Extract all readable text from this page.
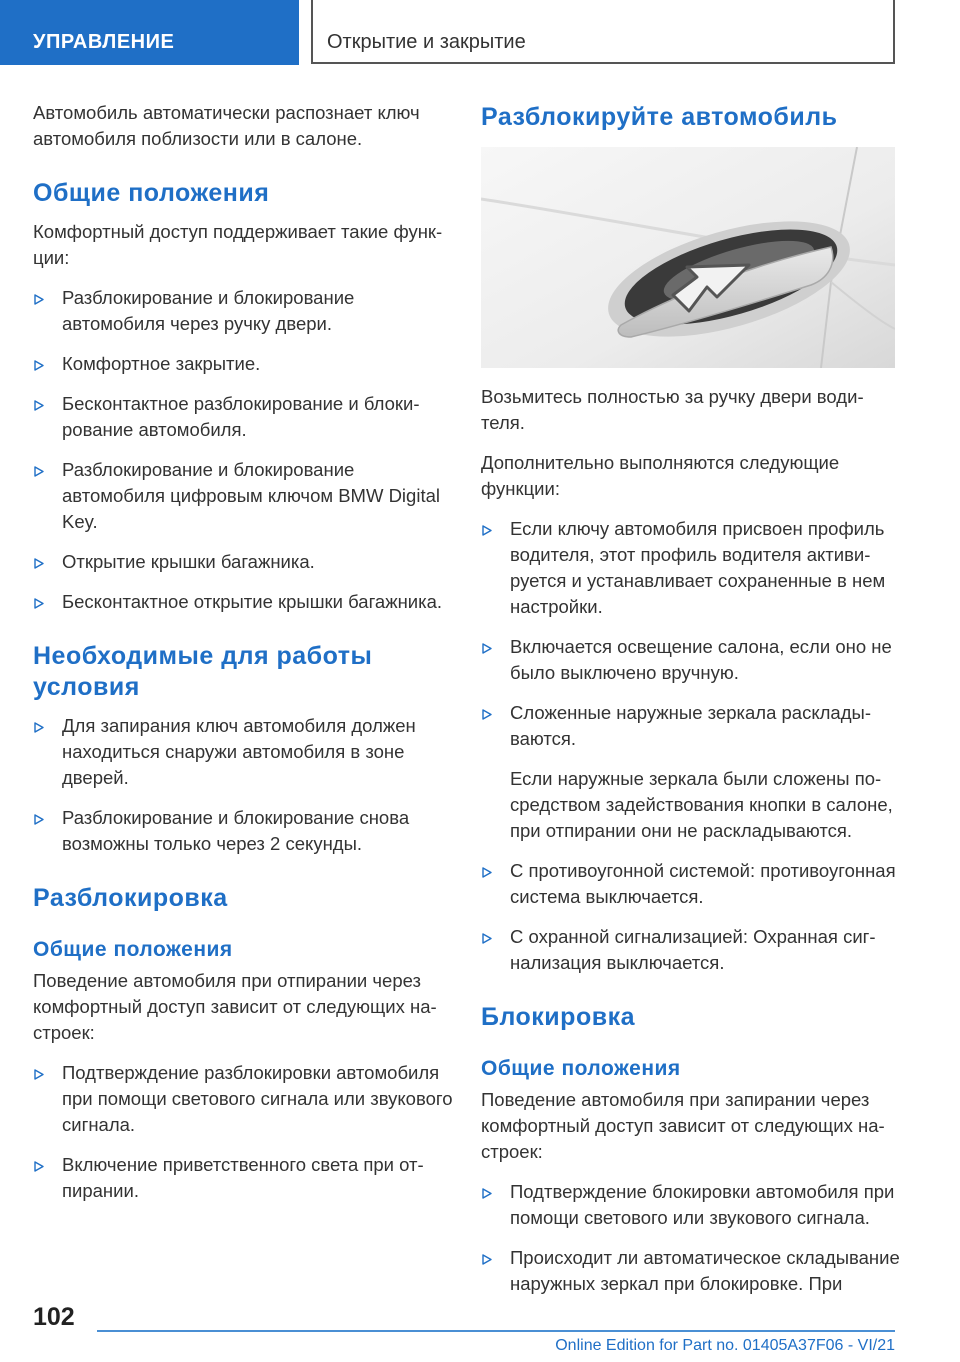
УПРАВЛЕНИЕ	Открытие и закрытие

Автомобиль автоматически распознает ключ автомобиля поблизости или в салоне.

Общие положения

Комфортный доступ поддерживает такие функции:

Разблокирование и блокирование автомобиля через ручку двери.
Комфортное закрытие.
Бесконтактное разблокирование и блокирование автомобиля.
Разблокирование и блокирование автомобиля цифровым ключом BMW Digital Key.
Открытие крышки багажника.
Бесконтактное открытие крышки багажника.
Необходимые для работы условия
Для запирания ключ автомобиля должен находиться снаружи автомобиля в зоне дверей.
Разблокирование и блокирование снова возможны только через 2 секунды.
Разблокировка
Общие положения

Поведение автомобиля при отпирании через комфортный доступ зависит от следующих настроек:

Подтверждение разблокировки автомобиля при помощи светового сигнала или звукового сигнала.
Включение приветственного света при отпирании.
Разблокируйте автомобиль

Возьмитесь полностью за ручку двери водителя.

Дополнительно выполняются следующие функции:

Если ключу автомобиля присвоен профиль водителя, этот профиль водителя активируется и устанавливает сохраненные в нем настройки.
Включается освещение салона, если оно не было выключено вручную.
Сложенные наружные зеркала раскладываются.
Если наружные зеркала были сложены посредством задействования кнопки в салоне, при отпирании они не раскладываются.
С противоугонной системой: противоугонная система выключается.
С охранной сигнализацией: Охранная сигнализация выключается.
Блокировка
Общие положения

Поведение автомобиля при запирании через комфортный доступ зависит от следующих настроек:

Подтверждение блокировки автомобиля при помощи светового или звукового сигнала.
Происходит ли автоматическое складывание наружных зеркал при блокировке. При
102
Online Edition for Part no. 01405A37F06 - VI/21
